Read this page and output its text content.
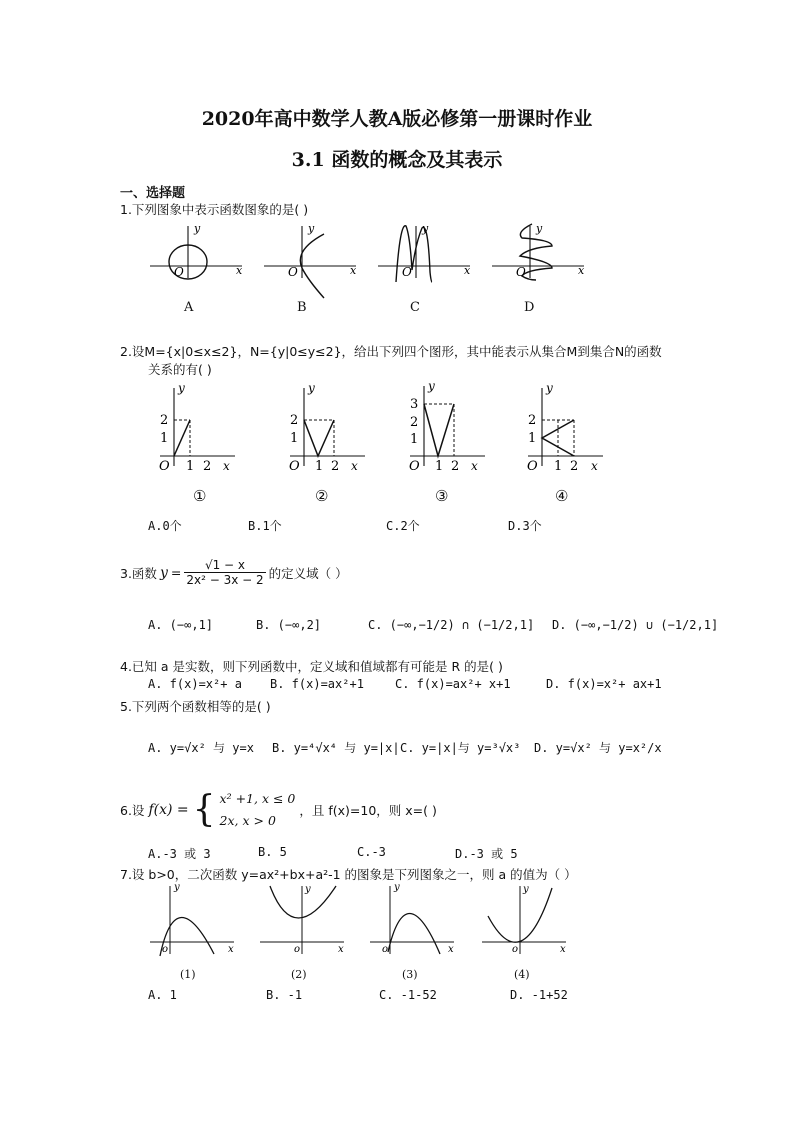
2020年高中数学人教A版必修第一册课时作业
3.1 函数的概念及其表示
一、选择题
1.下列图象中表示函数图象的是( )
y
x
O
y
x
O
y
x
O
y
x
O
A	B	C	D
2.设M={x|0≤x≤2}，N={y|0≤y≤2}，给出下列四个图形，其中能表示从集合M到集合N的函数
关系的有( )
y
2
1
O 1 2 x
y
2
1
O 1 2 x
y
3
2
1
O 1 2 x
y
2
1
O 1 2 x
①	②	③	④
A.0个	B.1个	C.2个	D.3个
3.函数 $y = \frac{√1 - x}{\text{2x² − 3x − 2}}$ 的定义域（ ）
A. (−∞,1]	B. (−∞,2]	C. (−∞,−1/2) ∩ (−1/2,1] D. (−∞,−1/2) ∪ (−1/2,1]
4.已知 a 是实数，则下列函数中，定义域和值域都有可能是 R 的是( )
A. f(x)=x²+ a B. f(x)=ax²+1	C. f(x)=ax²+ x+1	D. f(x)=x²+ ax+1
5.下列两个函数相等的是( )
A. y=√x² 与 y=x B. y=⁴√x⁴ 与 y=|x| C. y=|x|与 y=³√x³ D. y=√x² 与 y=x²/x
6.设 f(x) = { x² +1, x ≤ 0
2x, x > 0
，且 f(x)=10，则 x=( )
A.-3 或 3	B. 5	C.-3	D.-3 或 5
7.设 b>0，二次函数 y=ax²+bx+a²-1 的图象是下列图象之一，则 a 的值为（ ）
y
x
o
y
x
o
y
x
o
y
x
o
(1)	(2)	(3)	(4)
A. 1	B. -1	C. -1-52	D. -1+52
